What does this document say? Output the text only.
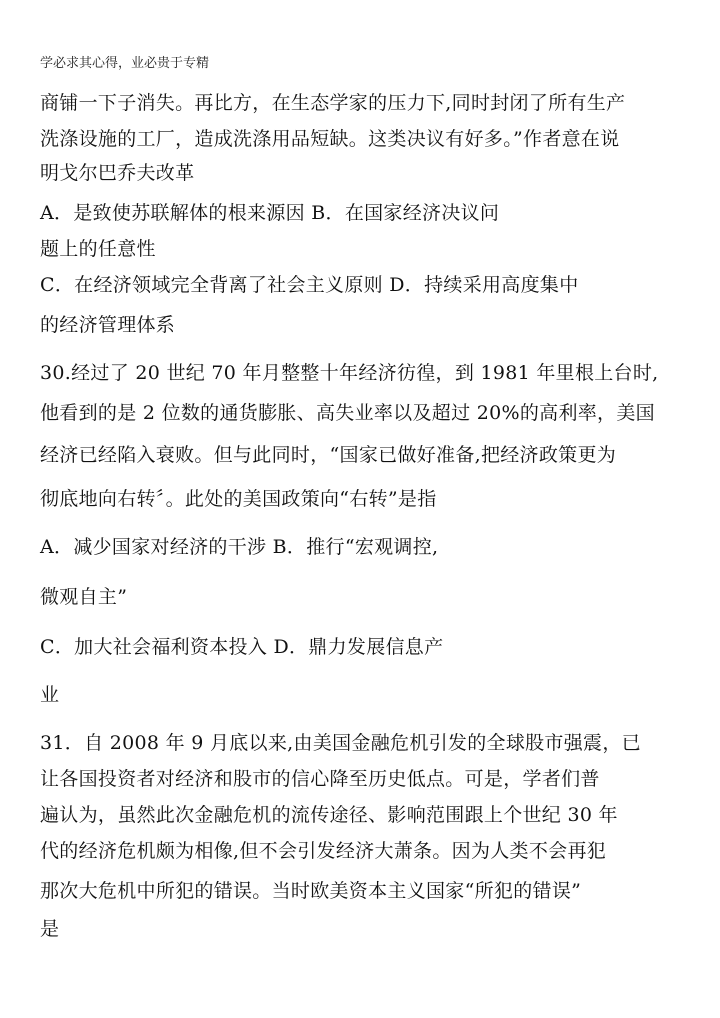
学必求其心得，业必贵于专精
商铺一下子消失。再比方，在生态学家的压力下,同时封闭了所有生产
洗涤设施的工厂，造成洗涤用品短缺。这类决议有好多。”作者意在说
明戈尔巴乔夫改革
A．是致使苏联解体的根来源因 B．在国家经济决议问
题上的任意性
C．在经济领域完全背离了社会主义原则 D．持续采用高度集中
的经济管理体系
30.经过了 20 世纪 70 年月整整十年经济彷徨，到 1981 年里根上台时,
他看到的是 2 位数的通货膨胀、高失业率以及超过 20%的高利率，美国
经济已经陷入衰败。但与此同时，“国家已做好准备,把经济政策更为
彻底地向右转〞。此处的美国政策向“右转”是指
A．减少国家对经济的干涉 B．推行“宏观调控,
微观自主”
C．加大社会福利资本投入 D．鼎力发展信息产
业
31．自 2008 年 9 月底以来,由美国金融危机引发的全球股市强震，已
让各国投资者对经济和股市的信心降至历史低点。可是，学者们普
遍认为，虽然此次金融危机的流传途径、影响范围跟上个世纪 30 年
代的经济危机颇为相像,但不会引发经济大萧条。因为人类不会再犯
那次大危机中所犯的错误。当时欧美资本主义国家“所犯的错误”
是
